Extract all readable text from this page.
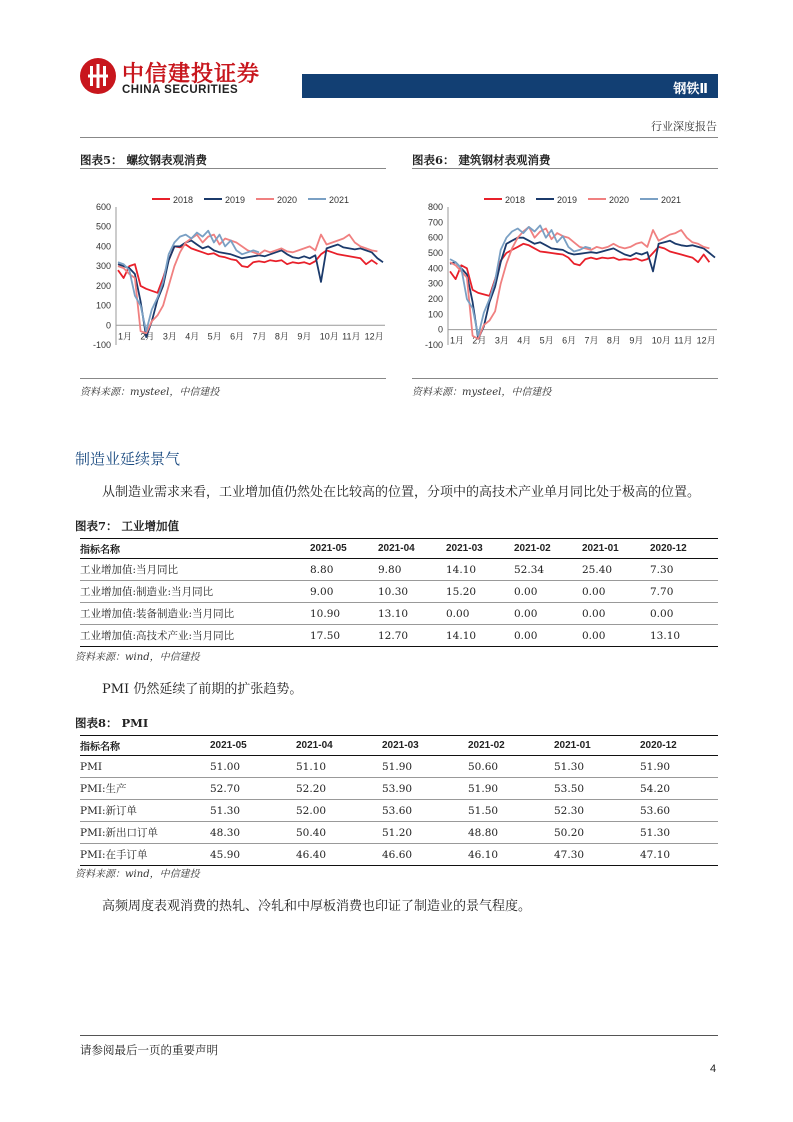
中信建投证券
CHINA SECURITIES	钢铁Ⅱ
行业深度报告
图表5： 螺纹钢表观消费	图表6： 建筑钢材表观消费
2018	2019	2020	2021
600
500
400
300
200
100
0
-100
1月 2月 3月 4月 5月 6月 7月 8月 9月 10月 11月 12月
2018	2019	2020	2021
800
700
600
500
400
300
200
100
0
-100 1月 2月 3月 4月 5月 6月 7月 8月 9月 10月 11月 12月
资料来源：mysteel，中信建投	资料来源：mysteel，中信建投
制造业延续景气
从制造业需求来看，工业增加值仍然处在比较高的位置，分项中的高技术产业单月同比处于极高的位置。
图表7： 工业增加值
指标名称	2021-05	2021-04	2021-03	2021-02	2021-01	2020-12
工业增加值:当月同比	8.80	9.80	14.10	52.34	25.40	7.30
工业增加值:制造业:当月同比	9.00	10.30	15.20	0.00	0.00	7.70
工业增加值:装备制造业:当月同比	10.90	13.10	0.00	0.00	0.00	0.00
工业增加值:高技术产业:当月同比	17.50	12.70	14.10	0.00	0.00	13.10
资料来源：wind，中信建投
PMI 仍然延续了前期的扩张趋势。
图表8： PMI
指标名称	2021-05	2021-04	2021-03	2021-02	2021-01	2020-12
PMI	51.00	51.10	51.90	50.60	51.30	51.90
PMI:生产	52.70	52.20	53.90	51.90	53.50	54.20
PMI:新订单	51.30	52.00	53.60	51.50	52.30	53.60
PMI:新出口订单	48.30	50.40	51.20	48.80	50.20	51.30
PMI:在手订单	45.90	46.40	46.60	46.10	47.30	47.10
资料来源：wind，中信建投
高频周度表观消费的热轧、冷轧和中厚板消费也印证了制造业的景气程度。
请参阅最后一页的重要声明
4
